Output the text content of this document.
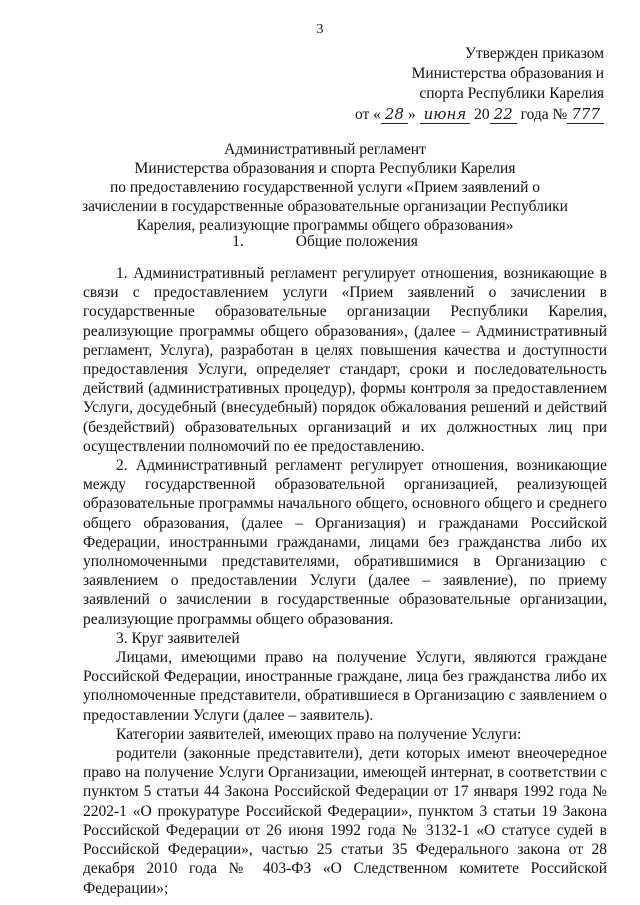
3
Утвержден приказом
Министерства образования и
спорта Республики Карелия
от « 28 » июня 20 22 года № 777
Административный регламент
Министерства образования и спорта Республики Карелия
по предоставлению государственной услуги «Прием заявлений о
зачислении в государственные образовательные организации Республики
Карелия, реализующие программы общего образования»
1.	Общие положения

1. Административный регламент регулирует отношения, возникающие в связи с предоставлением услуги «Прием заявлений о зачислении в государственные образовательные организации Республики Карелия, реализующие программы общего образования», (далее – Административный регламент, Услуга), разработан в целях повышения качества и доступности предоставления Услуги, определяет стандарт, сроки и последовательность действий (административных процедур), формы контроля за предоставлением Услуги, досудебный (внесудебный) порядок обжалования решений и действий (бездействий) образовательных организаций и их должностных лиц при осуществлении полномочий по ее предоставлению.

2. Административный регламент регулирует отношения, возникающие между государственной образовательной организацией, реализующей образовательные программы начального общего, основного общего и среднего общего образования, (далее – Организация) и гражданами Российской Федерации, иностранными гражданами, лицами без гражданства либо их уполномоченными представителями, обратившимися в Организацию с заявлением о предоставлении Услуги (далее – заявление), по приему заявлений о зачислении в государственные образовательные организации, реализующие программы общего образования.

3. Круг заявителей

Лицами, имеющими право на получение Услуги, являются граждане Российской Федерации, иностранные граждане, лица без гражданства либо их уполномоченные представители, обратившиеся в Организацию с заявлением о предоставлении Услуги (далее – заявитель).

Категории заявителей, имеющих право на получение Услуги:

родители (законные представители), дети которых имеют внеочередное право на получение Услуги Организации, имеющей интернат, в соответствии с пунктом 5 статьи 44 Закона Российской Федерации от 17 января 1992 года № 2202-1 «О прокуратуре Российской Федерации», пунктом 3 статьи 19 Закона Российской Федерации от 26 июня 1992 года № 3132-1 «О статусе судей в Российской Федерации», частью 25 статьи 35 Федерального закона от 28 декабря 2010 года № 403-ФЗ «О Следственном комитете Российской Федерации»;
